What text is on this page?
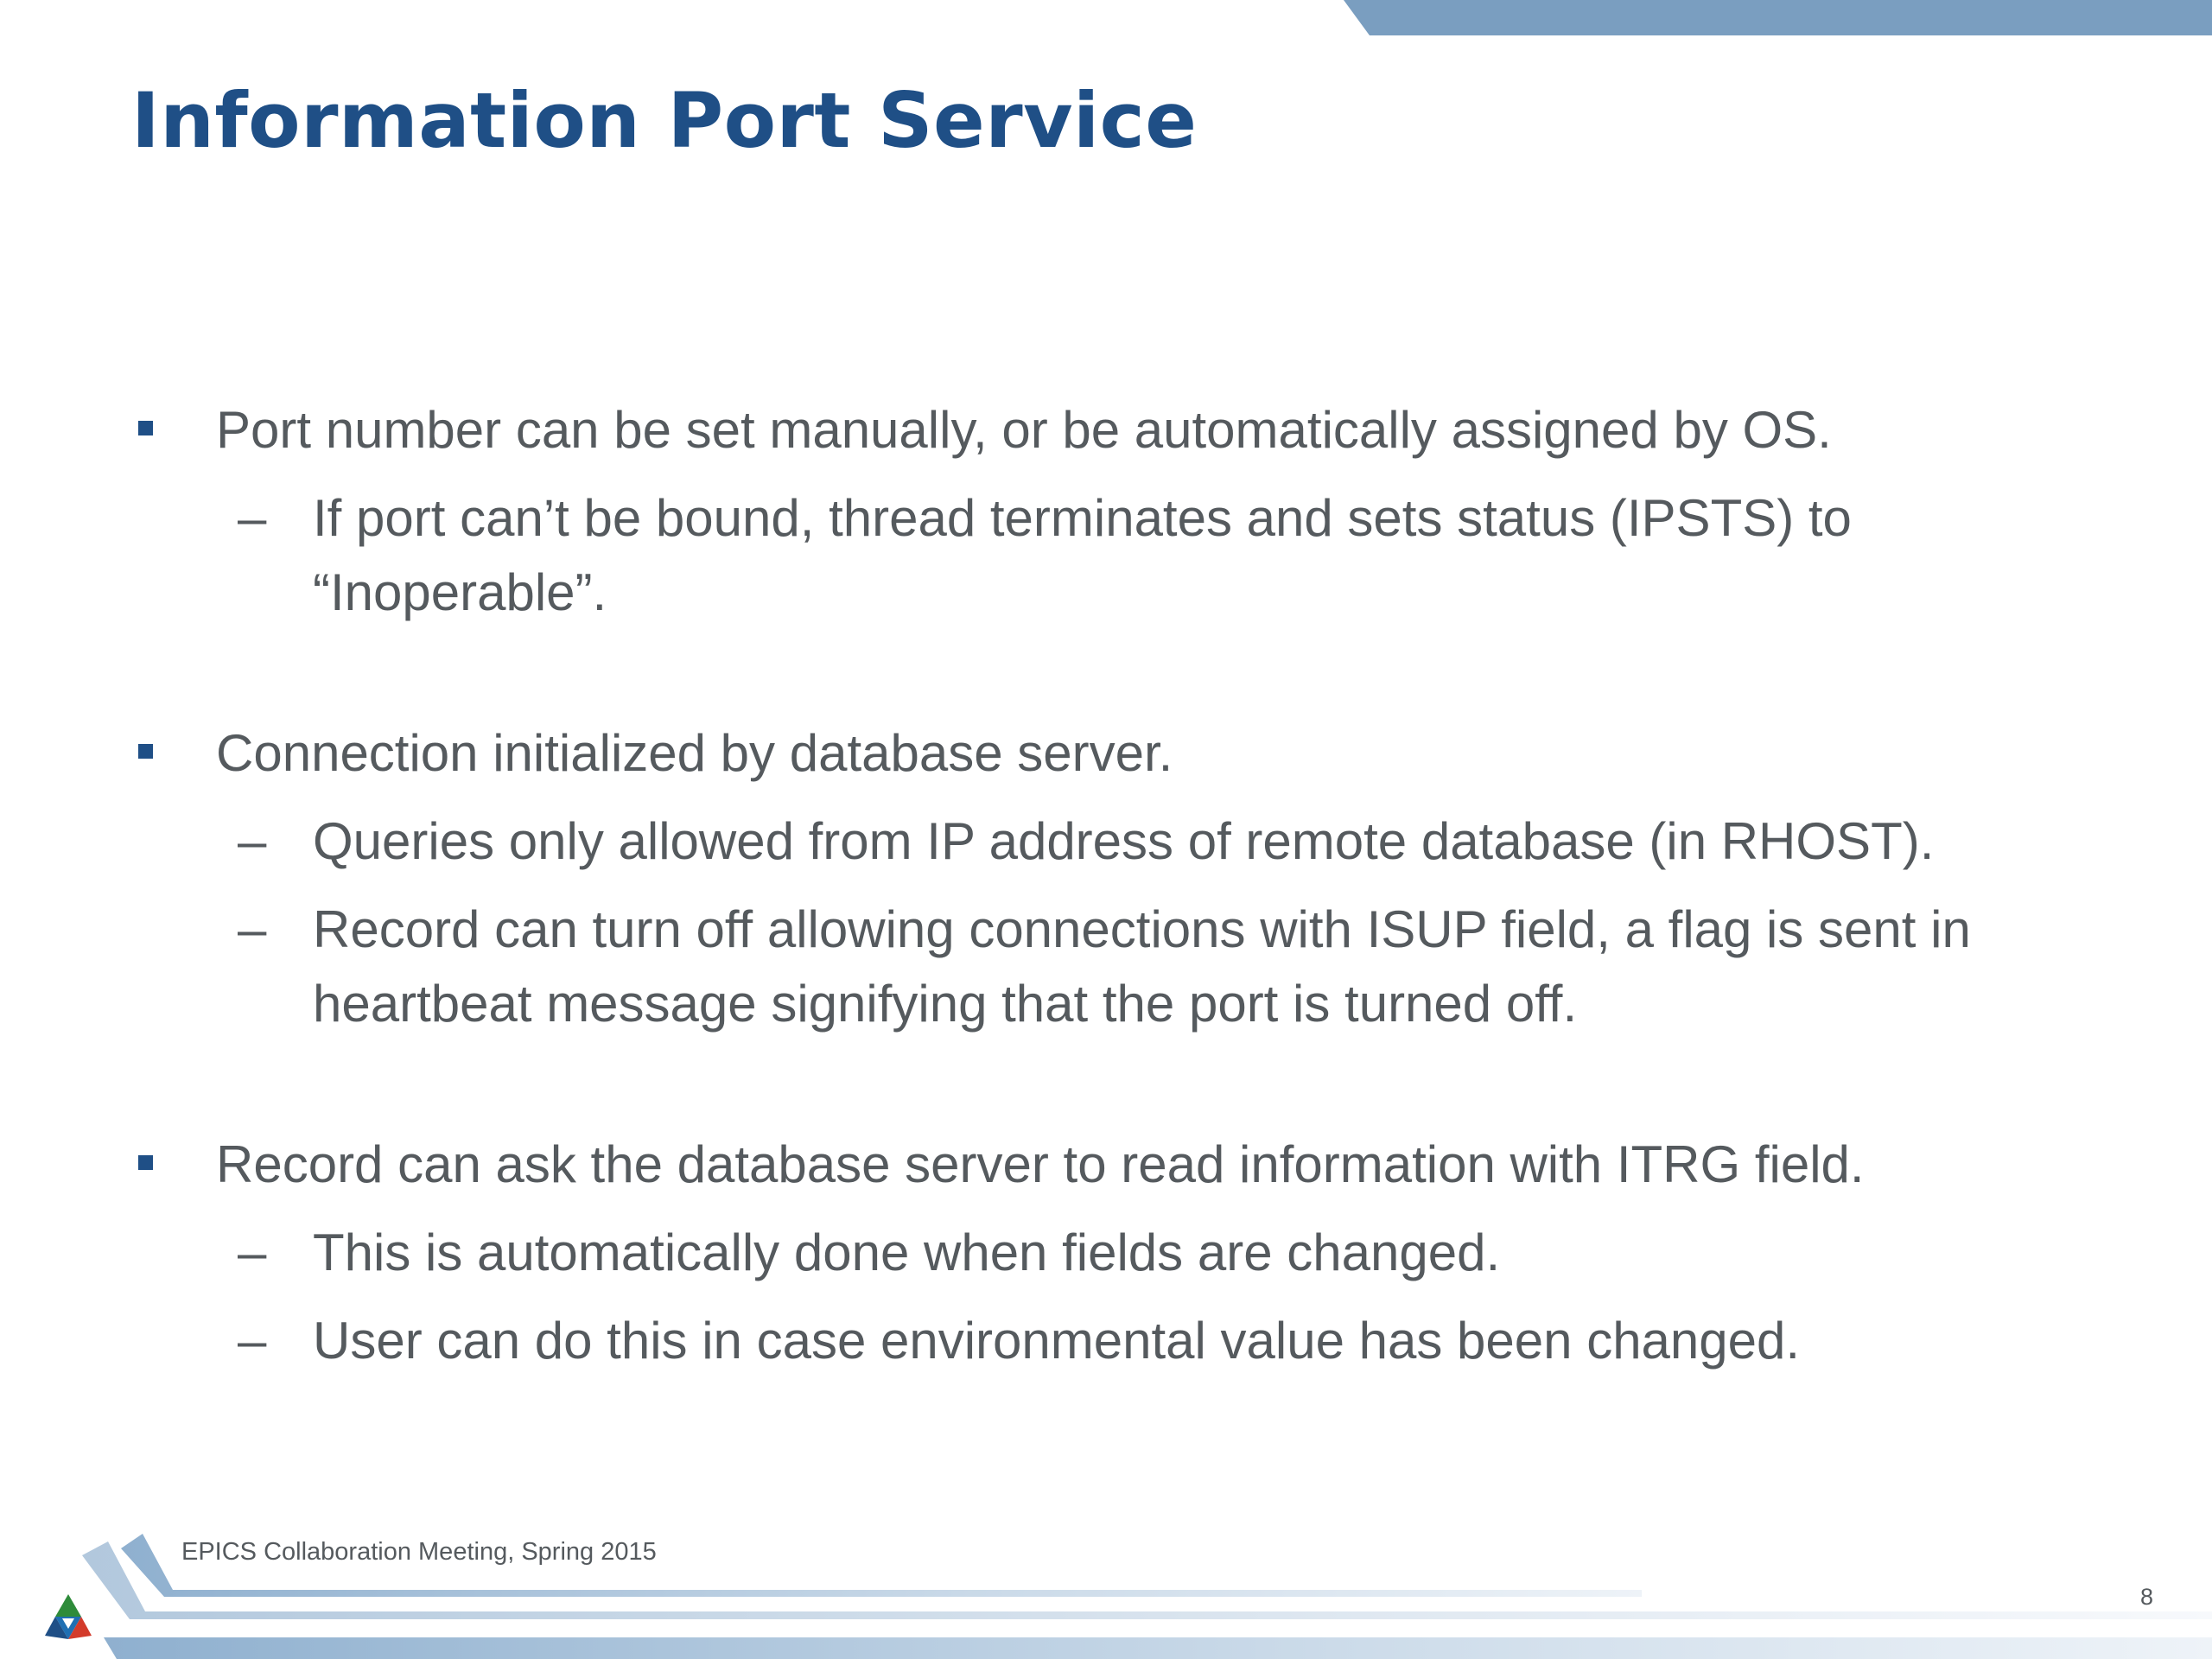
Information Port Service
Port number can be set manually, or be automatically assigned by OS.
– If port can’t be bound, thread terminates and sets status (IPSTS) to “Inoperable”.
Connection initialized by database server.
– Queries only allowed from IP address of remote database (in RHOST).
– Record can turn off allowing connections with ISUP field, a flag is sent in heartbeat message signifying that the port is turned off.
Record can ask the database server to read information with ITRG field.
– This is automatically done when fields are changed.
– User can do this in case environmental value has been changed.
EPICS Collaboration Meeting, Spring 2015
8
